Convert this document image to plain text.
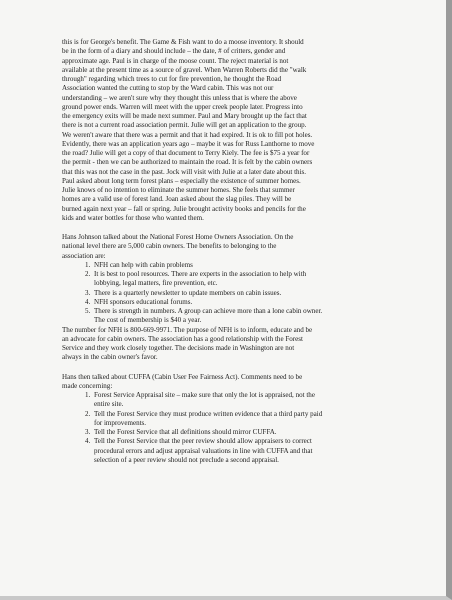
this is for George's benefit. The Game & Fish want to do a moose inventory. It should
be in the form of a diary and should include – the date, # of critters, gender and
approximate age. Paul is in charge of the moose count. The reject material is not
available at the present time as a source of gravel. When Warren Roberts did the "walk
through" regarding which trees to cut for fire prevention, he thought the Road
Association wanted the cutting to stop by the Ward cabin. This was not our
understanding – we aren't sure why they thought this unless that is where the above
ground power ends. Warren will meet with the upper creek people later. Progress into
the emergency exits will be made next summer. Paul and Mary brought up the fact that
there is not a current road association permit. Julie will get an application to the group.
We weren't aware that there was a permit and that it had expired. It is ok to fill pot holes.
Evidently, there was an application years ago – maybe it was for Russ Lanthorne to move
the road? Julie will get a copy of that document to Terry Kiely. The fee is $75 a year for
the permit - then we can be authorized to maintain the road. It is felt by the cabin owners
that this was not the case in the past. Jock will visit with Julie at a later date about this.
Paul asked about long term forest plans – especially the existence of summer homes.
Julie knows of no intention to eliminate the summer homes. She feels that summer
homes are a valid use of forest land. Joan asked about the slag piles. They will be
burned again next year – fall or spring. Julie brought activity books and pencils for the
kids and water bottles for those who wanted them.

Hans Johnson talked about the National Forest Home Owners Association. On the
national level there are 5,000 cabin owners. The benefits to belonging to the
association are:

1. NFH can help with cabin problems
2. It is best to pool resources. There are experts in the association to help with
lobbying, legal matters, fire prevention, etc.
3. There is a quarterly newsletter to update members on cabin issues.
4. NFH sponsors educational forums.
5. There is strength in numbers. A group can achieve more than a lone cabin owner.
The cost of membership is $40 a year.

The number for NFH is 800-669-9971. The purpose of NFH is to inform, educate and be
an advocate for cabin owners. The association has a good relationship with the Forest
Service and they work closely together. The decisions made in Washington are not
always in the cabin owner's favor.

Hans then talked about CUFFA (Cabin User Fee Fairness Act). Comments need to be
made concerning:

1. Forest Service Appraisal site – make sure that only the lot is appraised, not the
entire site.
2. Tell the Forest Service they must produce written evidence that a third party paid
for improvements.
3. Tell the Forest Service that all definitions should mirror CUFFA.
4. Tell the Forest Service that the peer review should allow appraisers to correct
procedural errors and adjust appraisal valuations in line with CUFFA and that
selection of a peer review should not preclude a second appraisal.
